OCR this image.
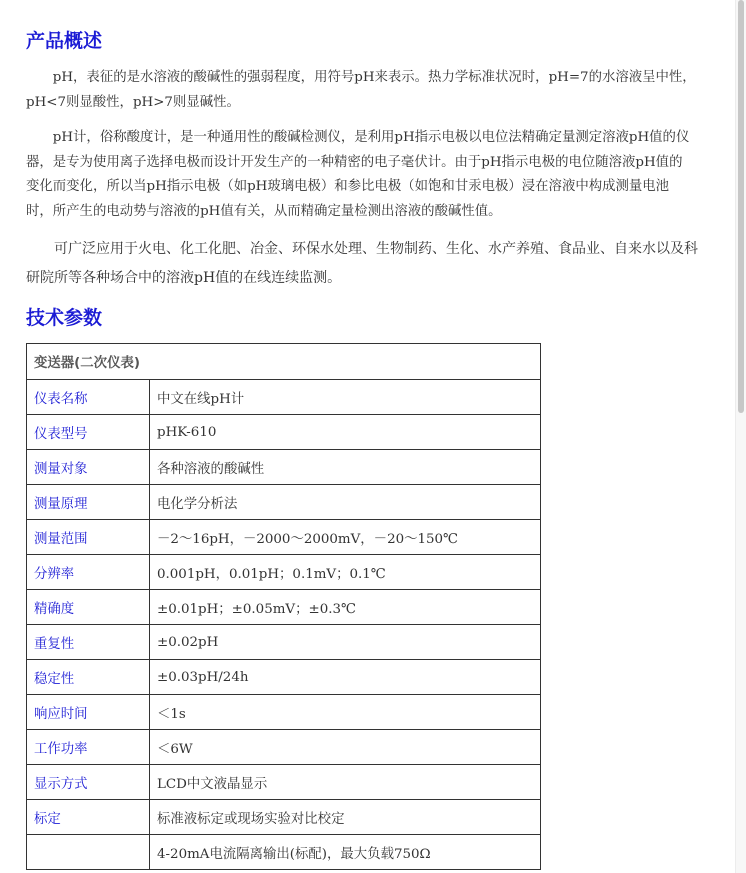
产品概述

pH，表征的是水溶液的酸碱性的强弱程度，用符号pH来表示。热力学标准状况时，pH=7的水溶液呈中性，
pH<7则显酸性，pH>7则显碱性。

pH计，俗称酸度计，是一种通用性的酸碱检测仪，是利用pH指示电极以电位法精确定量测定溶液pH值的仪
器，是专为使用离子选择电极而设计开发生产的一种精密的电子毫伏计。由于pH指示电极的电位随溶液pH值的
变化而变化，所以当pH指示电极（如pH玻璃电极）和参比电极（如饱和甘汞电极）浸在溶液中构成测量电池
时，所产生的电动势与溶液的pH值有关，从而精确定量检测出溶液的酸碱性值。

可广泛应用于火电、化工化肥、冶金、环保水处理、生物制药、生化、水产养殖、食品业、自来水以及科
研院所等各种场合中的溶液pH值的在线连续监测。

技术参数
变送器(二次仪表)	
仪表名称	中文在线pH计
仪表型号	pHK-610
测量对象	各种溶液的酸碱性
测量原理	电化学分析法
测量范围	－2～16pH，－2000～2000mV，－20～150℃
分辨率	0.001pH，0.01pH；0.1mV；0.1℃
精确度	±0.01pH；±0.05mV；±0.3℃
重复性	±0.02pH
稳定性	±0.03pH/24h
响应时间	＜1s
工作功率	＜6W
显示方式	LCD中文液晶显示
标定	标准液标定或现场实验对比校定
	4-20mA电流隔离输出(标配)，最大负载750Ω
